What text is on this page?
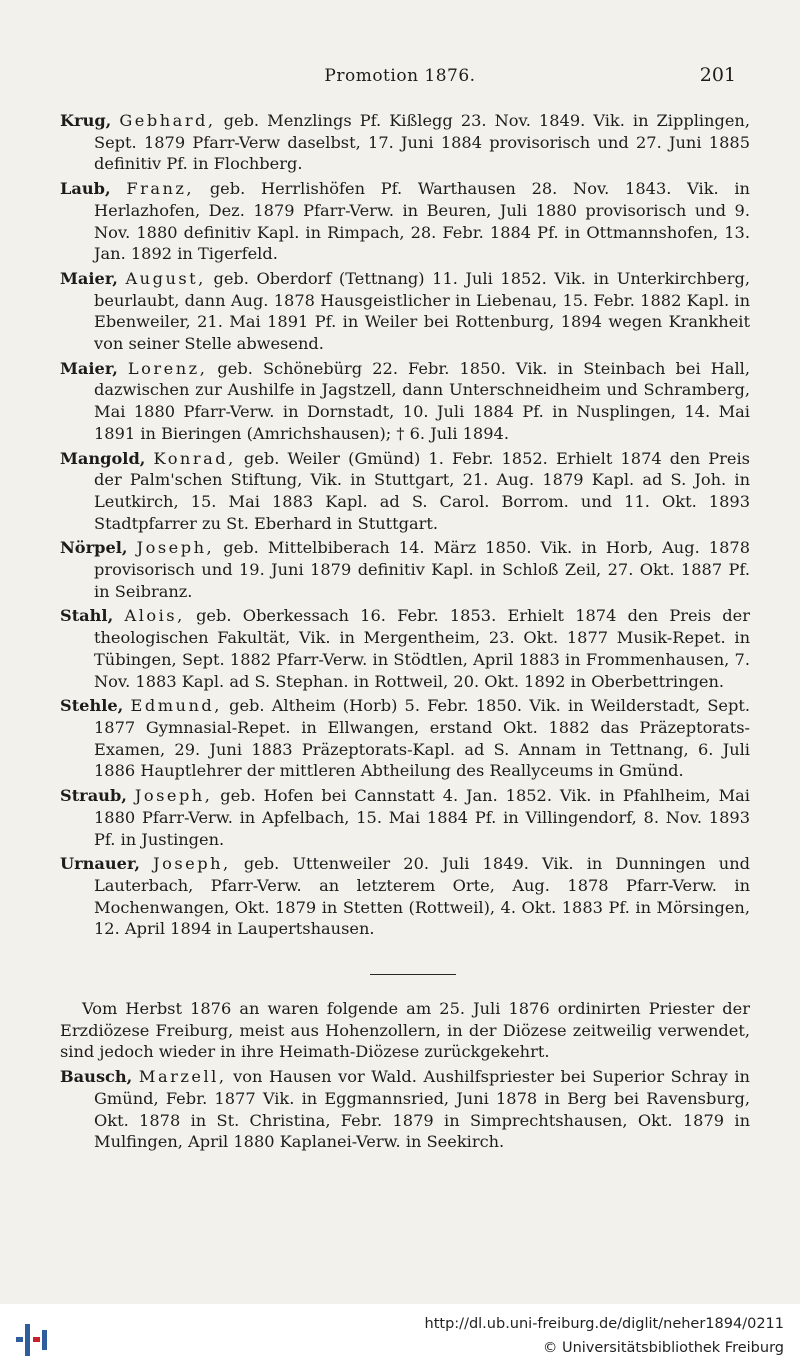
Promotion 1876.	201

Krug, Gebhard, geb. Menzlings Pf. Kißlegg 23. Nov. 1849. Vik. in Zipplingen, Sept. 1879 Pfarr-Verw daselbst, 17. Juni 1884 provisorisch und 27. Juni 1885 definitiv Pf. in Flochberg.

Laub, Franz, geb. Herrlishöfen Pf. Warthausen 28. Nov. 1843. Vik. in Herlazhofen, Dez. 1879 Pfarr-Verw. in Beuren, Juli 1880 provisorisch und 9. Nov. 1880 definitiv Kapl. in Rimpach, 28. Febr. 1884 Pf. in Ottmannshofen, 13. Jan. 1892 in Tigerfeld.

Maier, August, geb. Oberdorf (Tettnang) 11. Juli 1852. Vik. in Unterkirchberg, beurlaubt, dann Aug. 1878 Hausgeistlicher in Liebenau, 15. Febr. 1882 Kapl. in Ebenweiler, 21. Mai 1891 Pf. in Weiler bei Rottenburg, 1894 wegen Krankheit von seiner Stelle abwesend.

Maier, Lorenz, geb. Schönebürg 22. Febr. 1850. Vik. in Steinbach bei Hall, dazwischen zur Aushilfe in Jagstzell, dann Unterschneidheim und Schramberg, Mai 1880 Pfarr-Verw. in Dornstadt, 10. Juli 1884 Pf. in Nusplingen, 14. Mai 1891 in Bieringen (Amrichshausen); † 6. Juli 1894.

Mangold, Konrad, geb. Weiler (Gmünd) 1. Febr. 1852. Erhielt 1874 den Preis der Palm'schen Stiftung, Vik. in Stuttgart, 21. Aug. 1879 Kapl. ad S. Joh. in Leutkirch, 15. Mai 1883 Kapl. ad S. Carol. Borrom. und 11. Okt. 1893 Stadtpfarrer zu St. Eberhard in Stuttgart.

Nörpel, Joseph, geb. Mittelbiberach 14. März 1850. Vik. in Horb, Aug. 1878 provisorisch und 19. Juni 1879 definitiv Kapl. in Schloß Zeil, 27. Okt. 1887 Pf. in Seibranz.

Stahl, Alois, geb. Oberkessach 16. Febr. 1853. Erhielt 1874 den Preis der theologischen Fakultät, Vik. in Mergentheim, 23. Okt. 1877 Musik-Repet. in Tübingen, Sept. 1882 Pfarr-Verw. in Stödtlen, April 1883 in Frommenhausen, 7. Nov. 1883 Kapl. ad S. Stephan. in Rottweil, 20. Okt. 1892 in Oberbettringen.

Stehle, Edmund, geb. Altheim (Horb) 5. Febr. 1850. Vik. in Weilderstadt, Sept. 1877 Gymnasial-Repet. in Ellwangen, erstand Okt. 1882 das Präzeptorats-Examen, 29. Juni 1883 Präzeptorats-Kapl. ad S. Annam in Tettnang, 6. Juli 1886 Hauptlehrer der mittleren Abtheilung des Reallyceums in Gmünd.

Straub, Joseph, geb. Hofen bei Cannstatt 4. Jan. 1852. Vik. in Pfahlheim, Mai 1880 Pfarr-Verw. in Apfelbach, 15. Mai 1884 Pf. in Villingendorf, 8. Nov. 1893 Pf. in Justingen.

Urnauer, Joseph, geb. Uttenweiler 20. Juli 1849. Vik. in Dunningen und Lauterbach, Pfarr-Verw. an letzterem Orte, Aug. 1878 Pfarr-Verw. in Mochenwangen, Okt. 1879 in Stetten (Rottweil), 4. Okt. 1883 Pf. in Mörsingen, 12. April 1894 in Laupertshausen.

Vom Herbst 1876 an waren folgende am 25. Juli 1876 ordinirten Priester der Erzdiözese Freiburg, meist aus Hohenzollern, in der Diözese zeitweilig verwendet, sind jedoch wieder in ihre Heimath-Diözese zurückgekehrt.

Bausch, Marzell, von Hausen vor Wald. Aushilfspriester bei Superior Schray in Gmünd, Febr. 1877 Vik. in Eggmannsried, Juni 1878 in Berg bei Ravensburg, Okt. 1878 in St. Christina, Febr. 1879 in Simprechtshausen, Okt. 1879 in Mulfingen, April 1880 Kaplanei-Verw. in Seekirch.

http://dl.ub.uni-freiburg.de/diglit/neher1894/0211
© Universitätsbibliothek Freiburg
